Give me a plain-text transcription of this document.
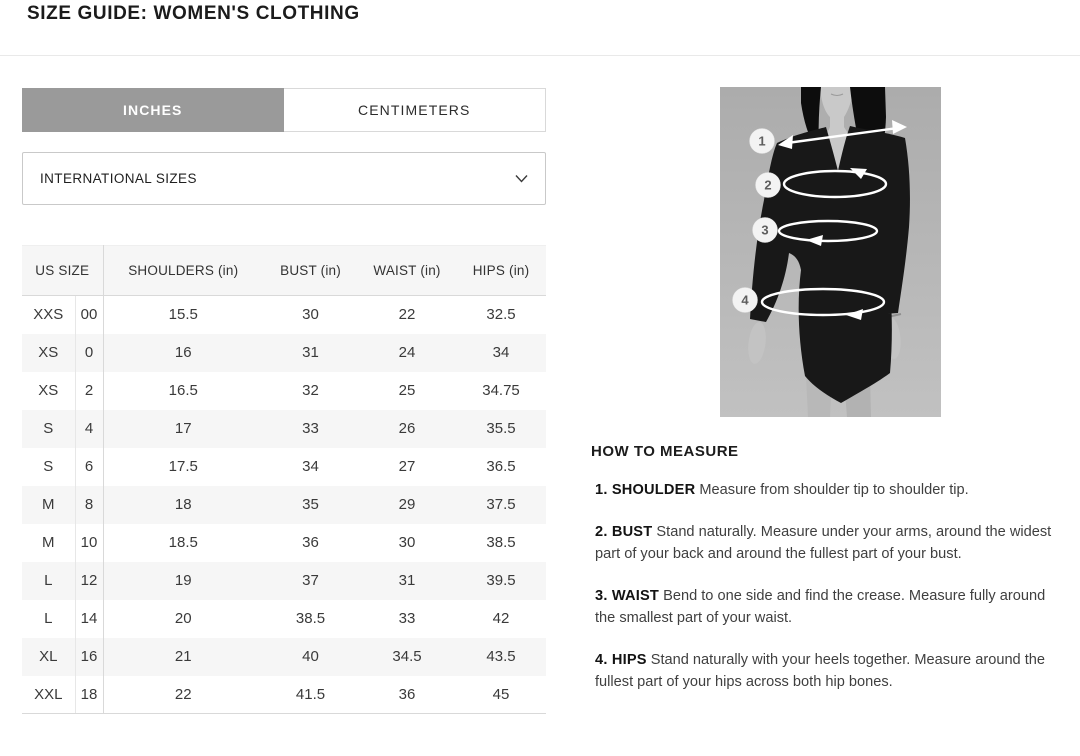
SIZE GUIDE: WOMEN'S CLOTHING
INCHES	CENTIMETERS
INTERNATIONAL SIZES
US SIZE		SHOULDERS (in)	BUST (in)	WAIST (in)	HIPS (in)
XXS	00	15.5	30	22	32.5
XS	0	16	31	24	34
XS	2	16.5	32	25	34.75
S	4	17	33	26	35.5
S	6	17.5	34	27	36.5
M	8	18	35	29	37.5
M	10	18.5	36	30	38.5
L	12	19	37	31	39.5
L	14	20	38.5	33	42
XL	16	21	40	34.5	43.5
XXL	18	22	41.5	36	45
1
2
3
4
HOW TO MEASURE

1. SHOULDER Measure from shoulder tip to shoulder tip.

2. BUST Stand naturally. Measure under your arms, around the widest part of your back and around the fullest part of your bust.

3. WAIST Bend to one side and find the crease. Measure fully around the smallest part of your waist.

4. HIPS Stand naturally with your heels together. Measure around the fullest part of your hips across both hip bones.
